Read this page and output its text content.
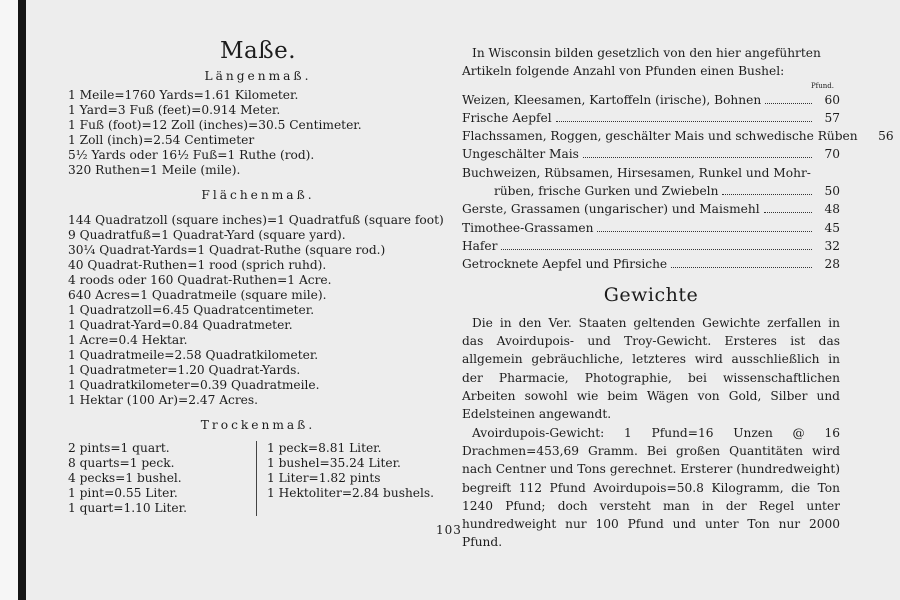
Maße.
Längenmaß.
1 Meile=1760 Yards=1.61 Kilometer.
1 Yard=3 Fuß (feet)=0.914 Meter.
1 Fuß (foot)=12 Zoll (inches)=30.5 Centimeter.
1 Zoll (inch)=2.54 Centimeter
5½ Yards oder 16½ Fuß=1 Ruthe (rod).
320 Ruthen=1 Meile (mile).
Flächenmaß.
144 Quadratzoll (square inches)=1 Quadratfuß (square foot)
9 Quadratfuß=1 Quadrat-Yard (square yard).
30¼ Quadrat-Yards=1 Quadrat-Ruthe (square rod.)
40 Quadrat-Ruthen=1 rood (sprich ruhd).
4 roods oder 160 Quadrat-Ruthen=1 Acre.
640 Acres=1 Quadratmeile (square mile).
1 Quadratzoll=6.45 Quadratcentimeter.
1 Quadrat-Yard=0.84 Quadratmeter.
1 Acre=0.4 Hektar.
1 Quadratmeile=2.58 Quadratkilometer.
1 Quadratmeter=1.20 Quadrat-Yards.
1 Quadratkilometer=0.39 Quadratmeile.
1 Hektar (100 Ar)=2.47 Acres.
Trockenmaß.
2 pints=1 quart.
8 quarts=1 peck.
4 pecks=1 bushel.
1 pint=0.55 Liter.
1 quart=1.10 Liter.
1 peck=8.81 Liter.
1 bushel=35.24 Liter.
1 Liter=1.82 pints
1 Hektoliter=2.84 bushels.

In Wisconsin bilden gesetzlich von den hier angeführten Artikeln folgende Anzahl von Pfunden einen Bushel:

Pfund.
Weizen, Kleesamen, Kartoffeln (irische), Bohnen	60
Frische Aepfel	57
Flachssamen, Roggen, geschälter Mais und schwedische Rüben	56
Ungeschälter Mais	70
Buchweizen, Rübsamen, Hirsesamen, Runkel und Mohr-
rüben, frische Gurken und Zwiebeln	50
Gerste, Grassamen (ungarischer) und Maismehl	48
Timothee-Grassamen	45
Hafer	32
Getrocknete Aepfel und Pfirsiche	28
Gewichte

Die in den Ver. Staaten geltenden Gewichte zerfallen in das Avoirdupois- und Troy-Gewicht. Ersteres ist das allgemein gebräuchliche, letzteres wird ausschließlich in der Pharmacie, Photographie, bei wissenschaftlichen Arbeiten sowohl wie beim Wägen von Gold, Silber und Edelsteinen angewandt.

Avoirdupois-Gewicht: 1 Pfund=16 Unzen @ 16 Drachmen=453,69 Gramm. Bei großen Quantitäten wird nach Centner und Tons gerechnet. Ersterer (hundredweight) begreift 112 Pfund Avoirdupois=50.8 Kilogramm, die Ton 1240 Pfund; doch versteht man in der Regel unter hundredweight nur 100 Pfund und unter Ton nur 2000 Pfund.

103
